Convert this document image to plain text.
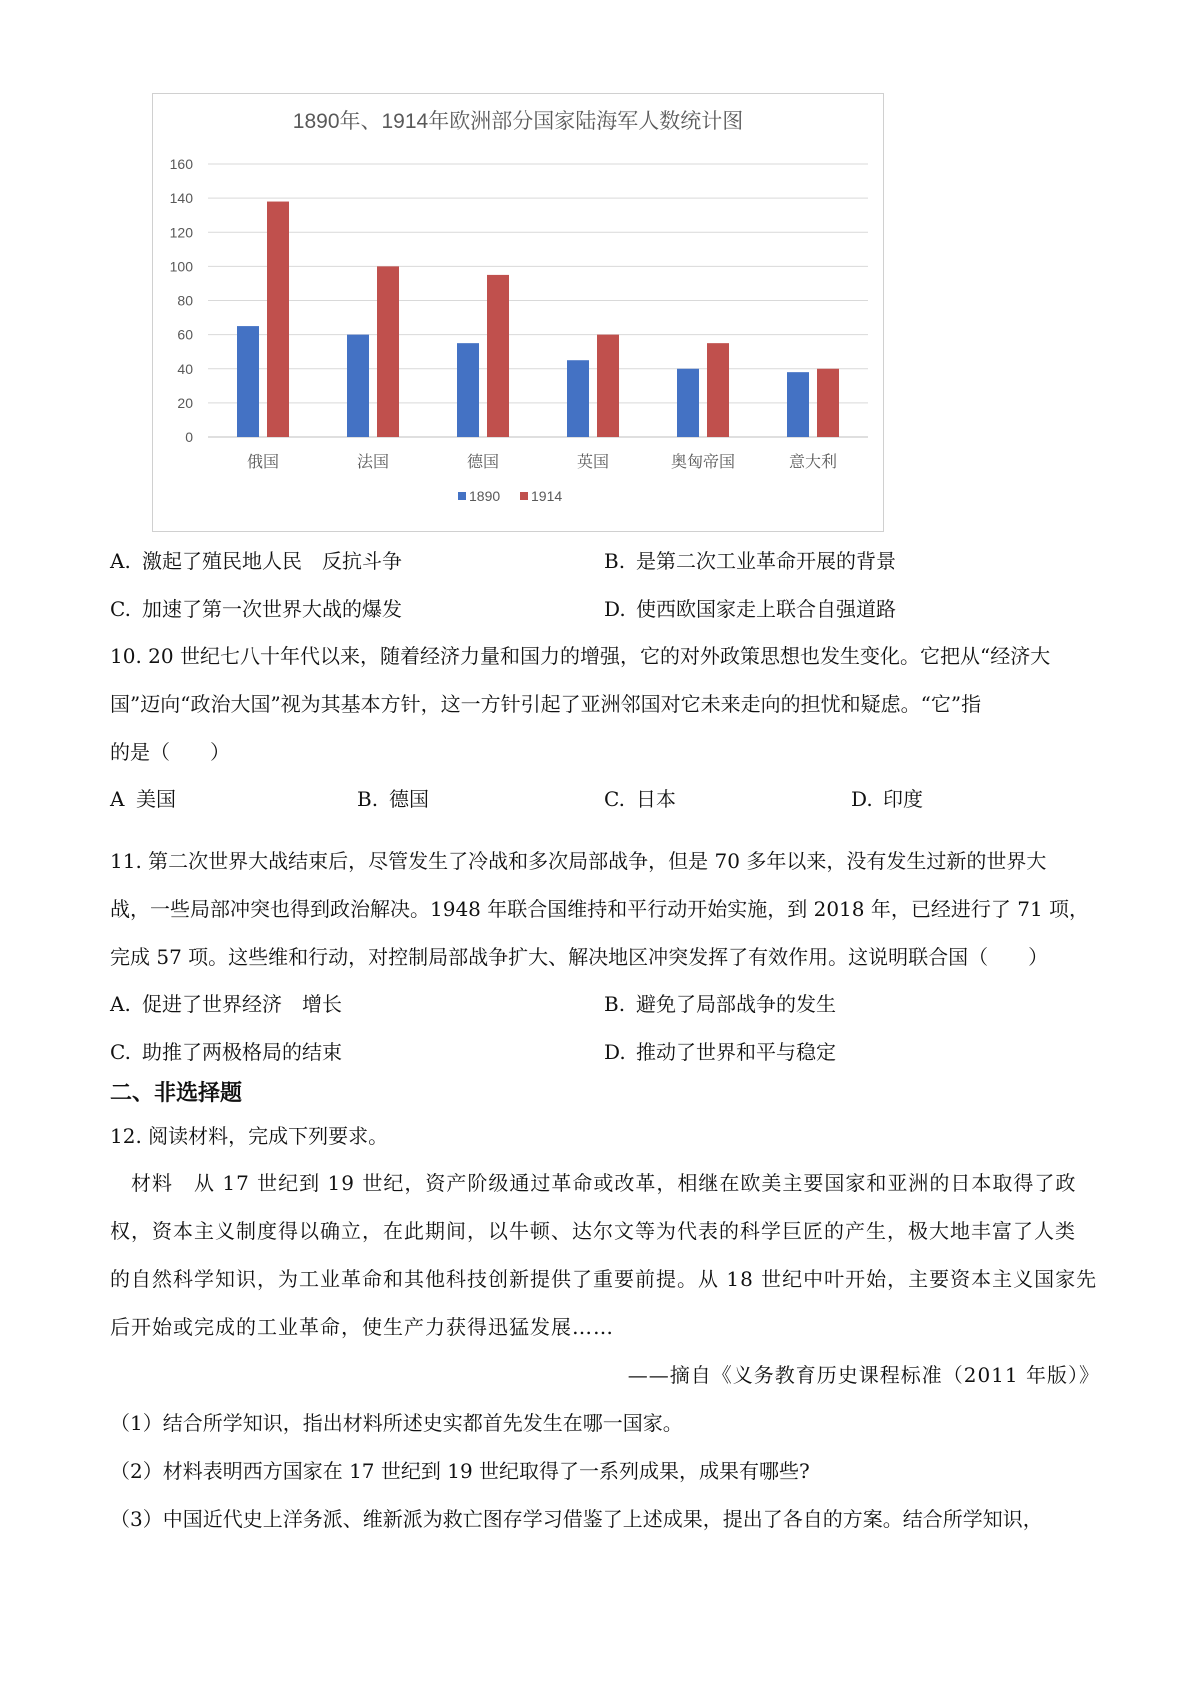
1890年、1914年欧洲部分国家陆海军人数统计图
0
20
40
60
80
100
120
140
160
俄国	法国	德国	英国	奥匈帝国	意大利
1890 1914
A. 激起了殖民地人民　反抗斗争	B. 是第二次工业革命开展的背景
C. 加速了第一次世界大战的爆发	D. 使西欧国家走上联合自强道路
10. 20 世纪七八十年代以来，随着经济力量和国力的增强，它的对外政策思想也发生变化。它把从“经济大
国”迈向“政治大国”视为其基本方针，这一方针引起了亚洲邻国对它未来走向的担忧和疑虑。“它”指
的是（　　）
A 美国	B. 德国	C. 日本	D. 印度
11. 第二次世界大战结束后，尽管发生了冷战和多次局部战争，但是 70 多年以来，没有发生过新的世界大
战，一些局部冲突也得到政治解决。1948 年联合国维持和平行动开始实施，到 2018 年，已经进行了 71 项，
完成 57 项。这些维和行动，对控制局部战争扩大、解决地区冲突发挥了有效作用。这说明联合国（　　）
A. 促进了世界经济　增长	B. 避免了局部战争的发生
C. 助推了两极格局的结束	D. 推动了世界和平与稳定
二、非选择题
12. 阅读材料，完成下列要求。
　材料　从 17 世纪到 19 世纪，资产阶级通过革命或改革，相继在欧美主要国家和亚洲的日本取得了政
权，资本主义制度得以确立，在此期间，以牛顿、达尔文等为代表的科学巨匠的产生，极大地丰富了人类
的自然科学知识，为工业革命和其他科技创新提供了重要前提。从 18 世纪中叶开始，主要资本主义国家先
后开始或完成的工业革命，使生产力获得迅猛发展……
——摘自《义务教育历史课程标准（2011 年版）》
（1）结合所学知识，指出材料所述史实都首先发生在哪一国家。
（2）材料表明西方国家在 17 世纪到 19 世纪取得了一系列成果，成果有哪些?
（3）中国近代史上洋务派、维新派为救亡图存学习借鉴了上述成果，提出了各自的方案。结合所学知识，
